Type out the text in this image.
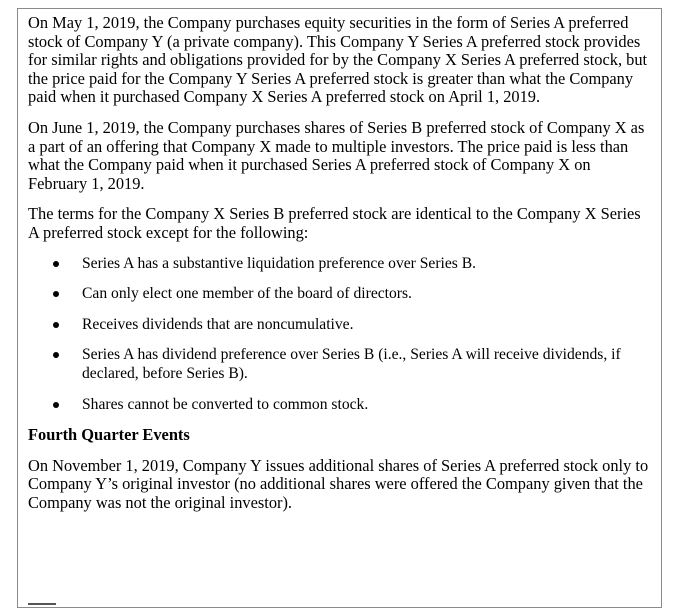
On May 1, 2019, the Company purchases equity securities in the form of Series A preferred stock of Company Y (a private company). This Company Y Series A preferred stock provides for similar rights and obligations provided for by the Company X Series A preferred stock, but the price paid for the Company Y Series A preferred stock is greater than what the Company paid when it purchased Company X Series A preferred stock on April 1, 2019.

On June 1, 2019, the Company purchases shares of Series B preferred stock of Company X as a part of an offering that Company X made to multiple investors. The price paid is less than what the Company paid when it purchased Series A preferred stock of Company X on February 1, 2019.

The terms for the Company X Series B preferred stock are identical to the Company X Series A preferred stock except for the following:

Series A has a substantive liquidation preference over Series B.
Can only elect one member of the board of directors.
Receives dividends that are noncumulative.
Series A has dividend preference over Series B (i.e., Series A will receive dividends, if declared, before Series B).
Shares cannot be converted to common stock.
Fourth Quarter Events

On November 1, 2019, Company Y issues additional shares of Series A preferred stock only to Company Y’s original investor (no additional shares were offered the Company given that the Company was not the original investor).
